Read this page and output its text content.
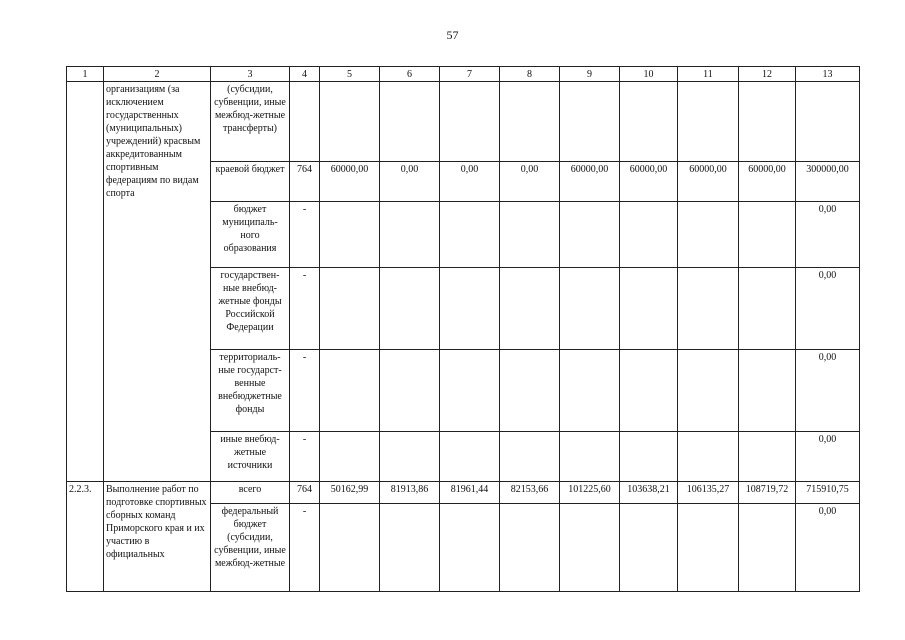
57
1	2	3	4	5	6	7	8	9	10	11	12	13
	организациям (за исключением государственных (муниципальных) учреждений) красвым аккредитованным спортивным федерациям по видам спорта	(субсидии, субвенции, иные межбюд-жетные трансферты)										
		краевой бюджет	764	60000,00	0,00	0,00	0,00	60000,00	60000,00	60000,00	60000,00	300000,00
		бюджет муниципаль-ного образования	-									0,00
		государствен-ные внебюд-жетные фонды Российской Федерации	-									0,00
		территориаль-ные государст-венные внебюджетные фонды	-									0,00
		иные внебюд-жетные источники	-									0,00
2.2.3.	Выполнение работ по подготовке спортивных сборных команд Приморского края и их участию в официальных	всего	764	50162,99	81913,86	81961,44	82153,66	101225,60	103638,21	106135,27	108719,72	715910,75
		федеральный бюджет (субсидии, субвенции, иные межбюд-жетные	-									0,00
